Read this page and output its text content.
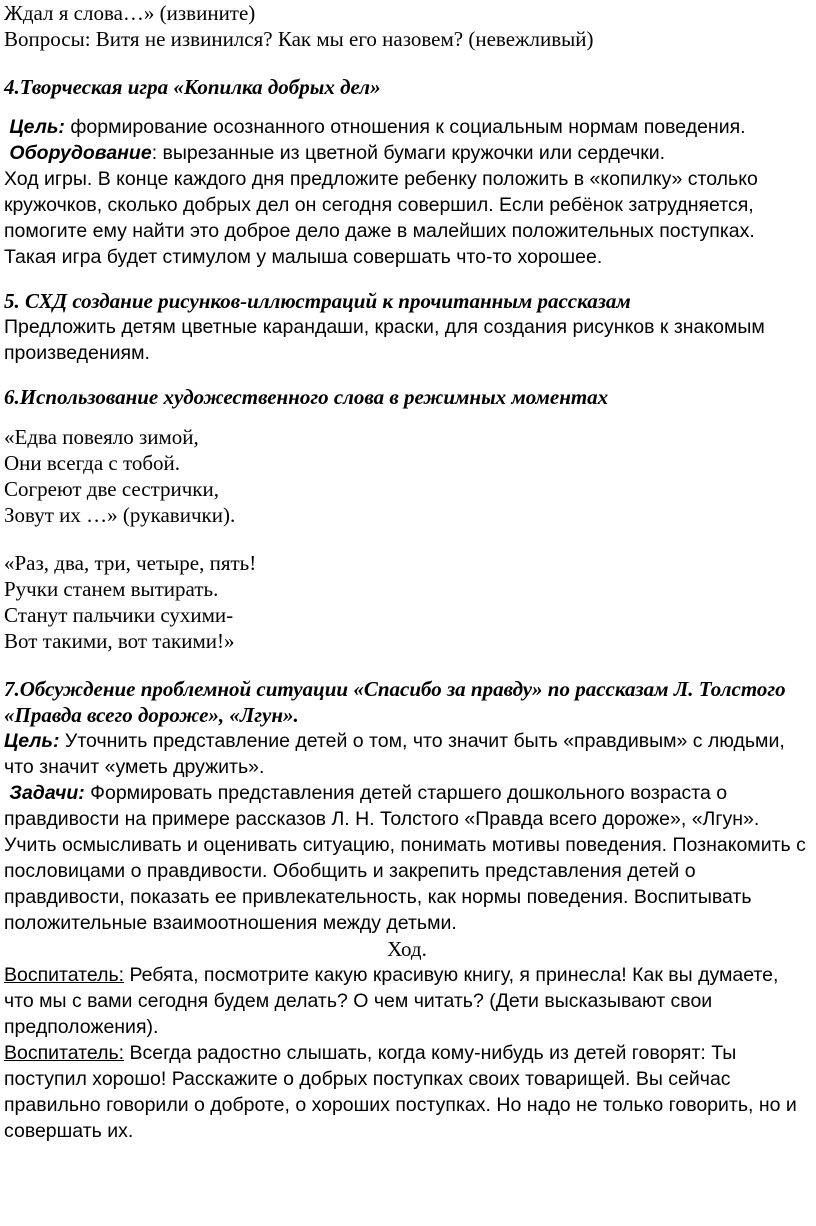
Ждал я слова…» (извините)

Вопросы: Витя не извинился? Как мы его назовем? (невежливый)

4.Творческая игра «Копилка добрых дел»

Цель: формирование осознанного отношения к социальным нормам поведения.

Оборудование: вырезанные из цветной бумаги кружочки или сердечки.

Ход игры. В конце каждого дня предложите ребенку положить в «копилку» столько кружочков, сколько добрых дел он сегодня совершил. Если ребёнок затрудняется, помогите ему найти это доброе дело даже в малейших положительных поступках. Такая игра будет стимулом у малыша совершать что-то хорошее.

5. СХД создание рисунков-иллюстраций к прочитанным рассказам

Предложить детям цветные карандаши, краски, для создания рисунков к знакомым произведениям.

6.Использование художественного слова в режимных моментах

«Едва повеяло зимой,

Они всегда с тобой.

Согреют две сестрички,

Зовут их …» (рукавички).

«Раз, два, три, четыре, пять!

Ручки станем вытирать.

Станут пальчики сухими-

Вот такими, вот такими!»

7.Обсуждение проблемной ситуации «Спасибо за правду» по рассказам Л. Толстого «Правда всего дороже», «Лгун».

Цель: Уточнить представление детей о том, что значит быть «правдивым» с людьми, что значит «уметь дружить».

Задачи: Формировать представления детей старшего дошкольного возраста о правдивости на примере рассказов Л. Н. Толстого «Правда всего дороже», «Лгун». Учить осмысливать и оценивать ситуацию, понимать мотивы поведения. Познакомить с пословицами о правдивости. Обобщить и закрепить представления детей о правдивости, показать ее привлекательность, как нормы поведения. Воспитывать положительные взаимоотношения между детьми.

Ход.

Воспитатель: Ребята, посмотрите какую красивую книгу, я принесла! Как вы думаете, что мы с вами сегодня будем делать? О чем читать? (Дети высказывают свои предположения).

Воспитатель: Всегда радостно слышать, когда кому-нибудь из детей говорят: Ты поступил хорошо! Расскажите о добрых поступках своих товарищей. Вы сейчас правильно говорили о доброте, о хороших поступках. Но надо не только говорить, но и совершать их.
